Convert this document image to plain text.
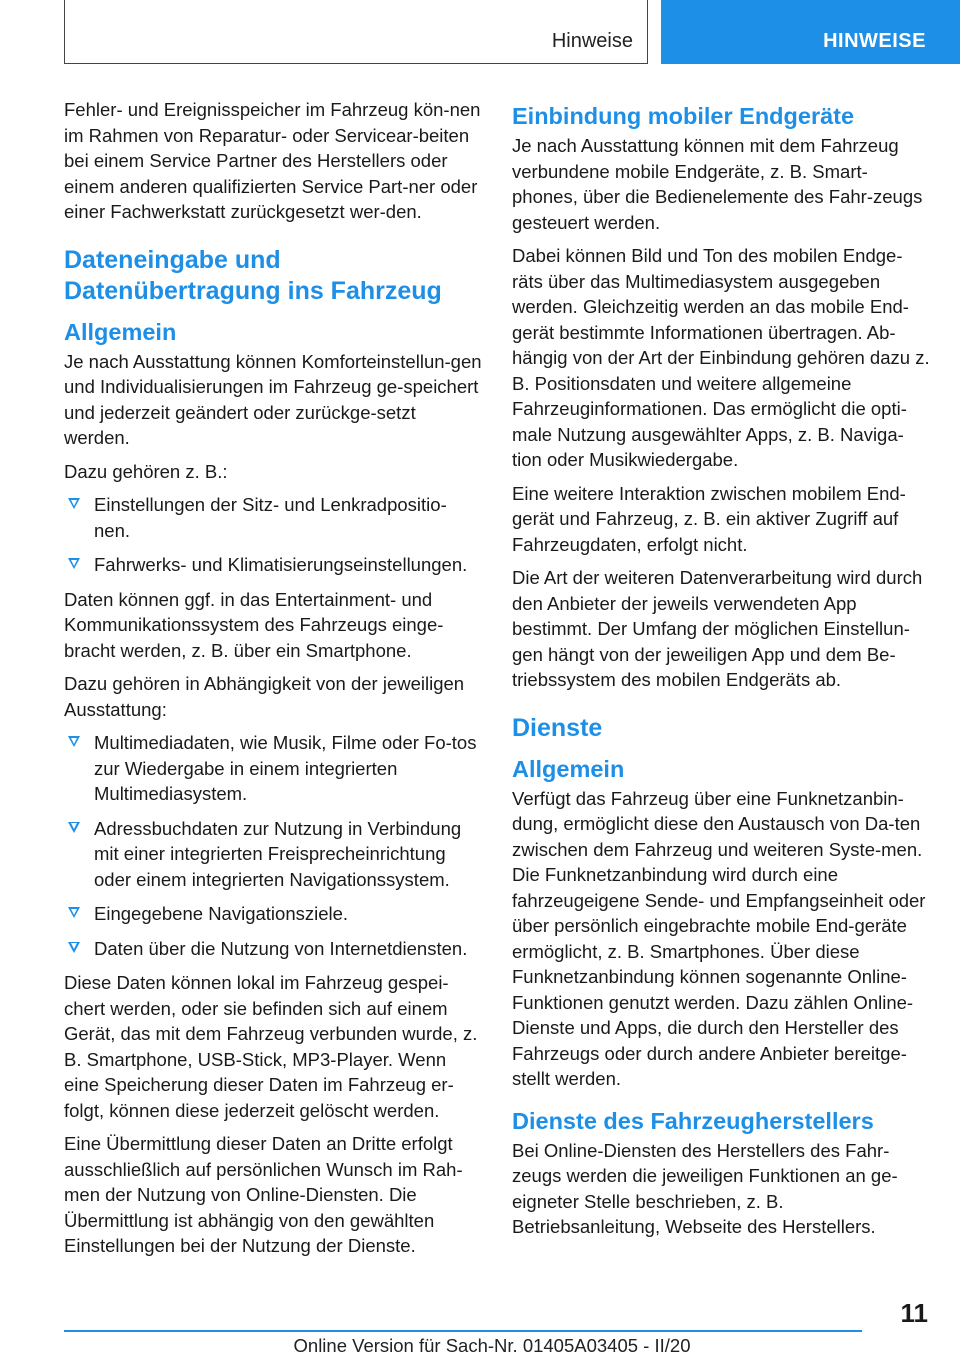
Hinweise	HINWEISE

Fehler- und Ereignisspeicher im Fahrzeug kön-nen im Rahmen von Reparatur- oder Servicear-beiten bei einem Service Partner des Herstellers oder einem anderen qualifizierten Service Part-ner oder einer Fachwerkstatt zurückgesetzt wer-den.

Dateneingabe und Datenübertragung ins Fahrzeug
Allgemein

Je nach Ausstattung können Komforteinstellun-gen und Individualisierungen im Fahrzeug ge-speichert und jederzeit geändert oder zurückge-setzt werden.

Dazu gehören z. B.:

Einstellungen der Sitz- und Lenkradpositio-nen.
Fahrwerks- und Klimatisierungseinstellungen.

Daten können ggf. in das Entertainment- und Kommunikationssystem des Fahrzeugs einge-bracht werden, z. B. über ein Smartphone.

Dazu gehören in Abhängigkeit von der jeweiligen Ausstattung:

Multimediadaten, wie Musik, Filme oder Fo-tos zur Wiedergabe in einem integrierten Multimediasystem.
Adressbuchdaten zur Nutzung in Verbindung mit einer integrierten Freisprecheinrichtung oder einem integrierten Navigationssystem.
Eingegebene Navigationsziele.
Daten über die Nutzung von Internetdiensten.

Diese Daten können lokal im Fahrzeug gespei-chert werden, oder sie befinden sich auf einem Gerät, das mit dem Fahrzeug verbunden wurde, z. B. Smartphone, USB-Stick, MP3-Player. Wenn eine Speicherung dieser Daten im Fahrzeug er-folgt, können diese jederzeit gelöscht werden.

Eine Übermittlung dieser Daten an Dritte erfolgt ausschließlich auf persönlichen Wunsch im Rah-men der Nutzung von Online-Diensten. Die Übermittlung ist abhängig von den gewählten Einstellungen bei der Nutzung der Dienste.

Einbindung mobiler Endgeräte

Je nach Ausstattung können mit dem Fahrzeug verbundene mobile Endgeräte, z. B. Smart-phones, über die Bedienelemente des Fahr-zeugs gesteuert werden.

Dabei können Bild und Ton des mobilen Endge-räts über das Multimediasystem ausgegeben werden. Gleichzeitig werden an das mobile End-gerät bestimmte Informationen übertragen. Ab-hängig von der Art der Einbindung gehören dazu z. B. Positionsdaten und weitere allgemeine Fahrzeuginformationen. Das ermöglicht die opti-male Nutzung ausgewählter Apps, z. B. Naviga-tion oder Musikwiedergabe.

Eine weitere Interaktion zwischen mobilem End-gerät und Fahrzeug, z. B. ein aktiver Zugriff auf Fahrzeugdaten, erfolgt nicht.

Die Art der weiteren Datenverarbeitung wird durch den Anbieter der jeweils verwendeten App bestimmt. Der Umfang der möglichen Einstellun-gen hängt von der jeweiligen App und dem Be-triebssystem des mobilen Endgeräts ab.

Dienste
Allgemein

Verfügt das Fahrzeug über eine Funknetzanbin-dung, ermöglicht diese den Austausch von Da-ten zwischen dem Fahrzeug und weiteren Syste-men. Die Funknetzanbindung wird durch eine fahrzeugeigene Sende- und Empfangseinheit oder über persönlich eingebrachte mobile End-geräte ermöglicht, z. B. Smartphones. Über diese Funknetzanbindung können sogenannte Online-Funktionen genutzt werden. Dazu zählen Online-Dienste und Apps, die durch den Hersteller des Fahrzeugs oder durch andere Anbieter bereitge-stellt werden.

Dienste des Fahrzeugherstellers

Bei Online-Diensten des Herstellers des Fahr-zeugs werden die jeweiligen Funktionen an ge-eigneter Stelle beschrieben, z. B. Betriebsanleitung, Webseite des Herstellers.

11
Online Version für Sach-Nr. 01405A03405 - II/20
